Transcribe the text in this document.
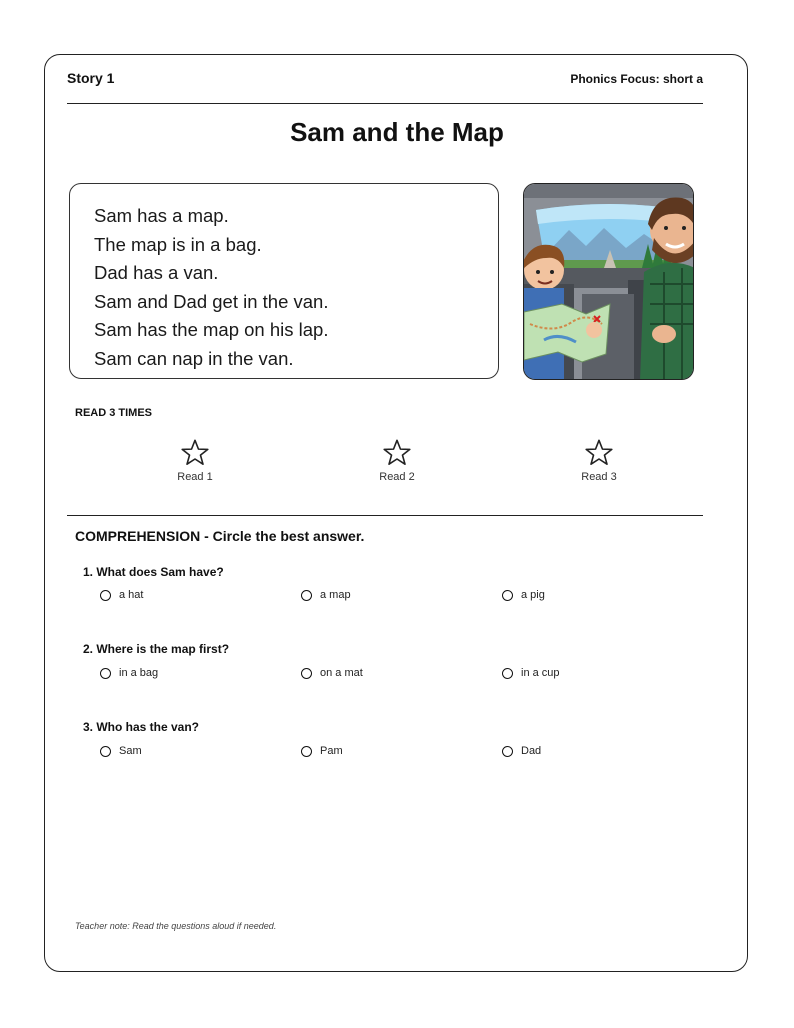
Story 1	Phonics Focus: short a
Sam and the Map
Sam has a map.
The map is in a bag.
Dad has a van.
Sam and Dad get in the van.
Sam has the map on his lap.
Sam can nap in the van.
READ 3 TIMES
Read 1	Read 2	Read 3
COMPREHENSION - Circle the best answer.
1. What does Sam have?
a hat	a map	a pig
2. Where is the map first?
in a bag	on a mat	in a cup
3. Who has the van?
Sam	Pam	Dad
Teacher note: Read the questions aloud if needed.
